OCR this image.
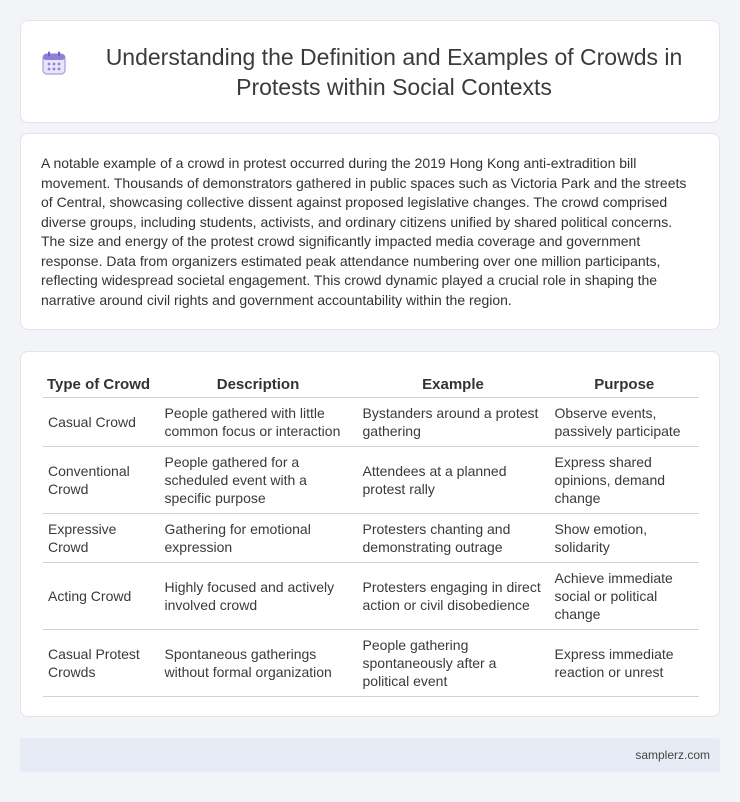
Understanding the Definition and Examples of Crowds in Protests within Social Contexts

A notable example of a crowd in protest occurred during the 2019 Hong Kong anti-extradition bill movement. Thousands of demonstrators gathered in public spaces such as Victoria Park and the streets of Central, showcasing collective dissent against proposed legislative changes. The crowd comprised diverse groups, including students, activists, and ordinary citizens unified by shared political concerns. The size and energy of the protest crowd significantly impacted media coverage and government response. Data from organizers estimated peak attendance numbering over one million participants, reflecting widespread societal engagement. This crowd dynamic played a crucial role in shaping the narrative around civil rights and government accountability within the region.

Type of Crowd	Description	Example	Purpose
Casual Crowd	People gathered with little common focus or interaction	Bystanders around a protest gathering	Observe events, passively participate
Conventional Crowd	People gathered for a scheduled event with a specific purpose	Attendees at a planned protest rally	Express shared opinions, demand change
Expressive Crowd	Gathering for emotional expression	Protesters chanting and demonstrating outrage	Show emotion, solidarity
Acting Crowd	Highly focused and actively involved crowd	Protesters engaging in direct action or civil disobedience	Achieve immediate social or political change
Casual Protest Crowds	Spontaneous gatherings without formal organization	People gathering spontaneously after a political event	Express immediate reaction or unrest
samplerz.com
